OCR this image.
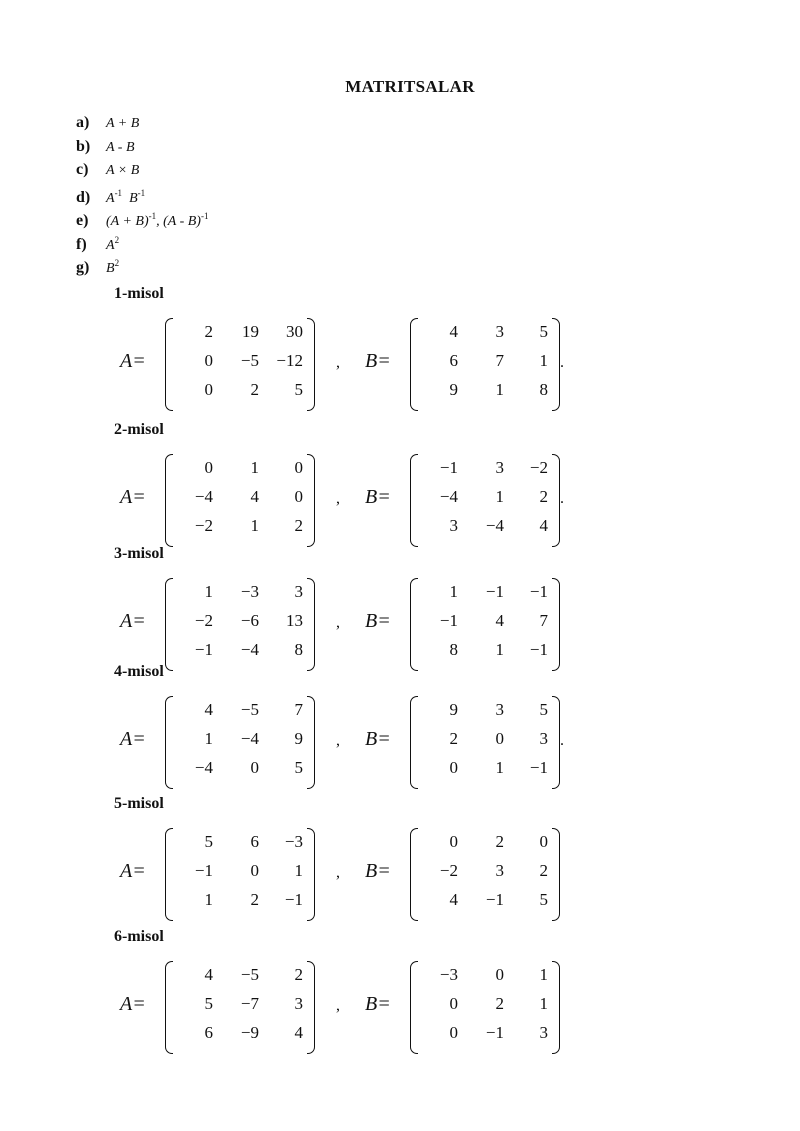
MATRITSALAR
a) A + B
b) A - B
c) A × B
d) $A^{-1}$ $B^{-1}$
e) $(A + B)^{-1}$, (A - B)$^{-1}$
f) $A^2$
g) $B^2$
1-misol
A=
2	19	30
0	−5	−12
0	2	5
, B=
4	3	5
6	7	1
9	1	8
.
2-misol
A=
0	1	0
−4	4	0
−2	1	2
, B=
−1	3	−2
−4	1	2
3	−4	4
.
3-misol
A=
1	−3	3
−2	−6	13
−1	−4	8
, B=
1	−1	−1
−1	4	7
8	1	−1
4-misol
A=
4	−5	7
1	−4	9
−4	0	5
, B=
9	3	5
2	0	3
0	1	−1
.
5-misol
A=
5	6	−3
−1	0	1
1	2	−1
, B=
0	2	0
−2	3	2
4	−1	5
6-misol
A=
4	−5	2
5	−7	3
6	−9	4
, B=
−3	0	1
0	2	1
0	−1	3
